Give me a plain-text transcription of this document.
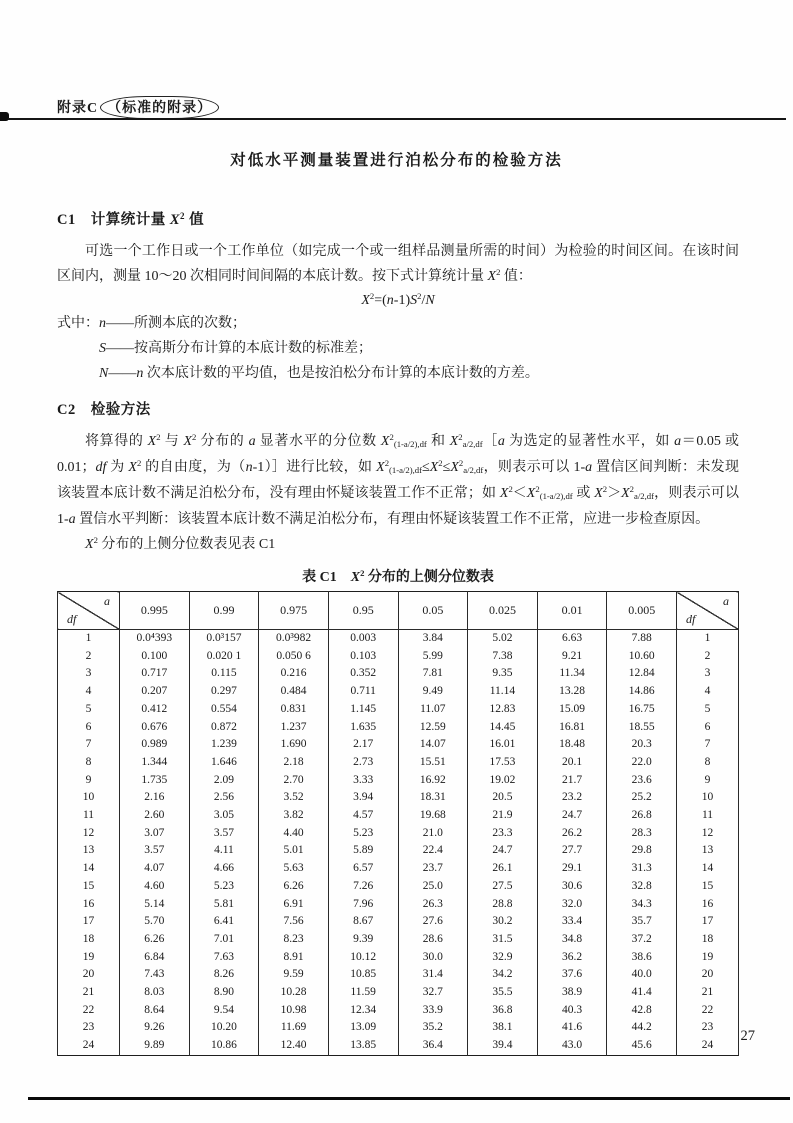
附录C （标准的附录）
对低水平测量装置进行泊松分布的检验方法
C1　计算统计量 $X^2$ 值

可选一个工作日或一个工作单位（如完成一个或一组样品测量所需的时间）为检验的时间区间。在该时间区间内，测量 10～20 次相同时间间隔的本底计数。按下式计算统计量 $X^2$ 值：

$X^2=(n-1)S^2/N$

式中：n——所测本底的次数；

S——按高斯分布计算的本底计数的标准差；

N——n 次本底计数的平均值，也是按泊松分布计算的本底计数的方差。

C2　检验方法

将算得的 $X^2$ 与 $X^2$ 分布的 a 显著水平的分位数 $X^2(1-a/2),df$ 和 $X^2a/2,df[a$ 为选定的显著性水平，如 a＝0.05 或 0.01；df 为 $X^2$ 的自由度，为（n-1）］进行比较，如 $X^2(1-a/2),df\le X^2\le X^2a/2,df$，则表示可以 1-a 置信区间判断：未发现该装置本底计数不满足泊松分布，没有理由怀疑该装置工作不正常；如 $X^2<X^2(1-a/2),df$ 或 $X^2>X^2a/2,df$，则表示可以 1-a 置信水平判断：该装置本底计数不满足泊松分布，有理由怀疑该装置工作不正常，应进一步检查原因。

$X^2$ 分布的上侧分位数表见表 C1

表 C1　$X^2$ 分布的上侧分位数表
a
df	0.995	0.99	0.975	0.95	0.05	0.025	0.01	0.005	a
df

1	0.0⁴393	0.0³157	0.0³982	0.003	3.84	5.02	6.63	7.88	1
2	0.100	0.020 1	0.050 6	0.103	5.99	7.38	9.21	10.60	2
3	0.717	0.115	0.216	0.352	7.81	9.35	11.34	12.84	3
4	0.207	0.297	0.484	0.711	9.49	11.14	13.28	14.86	4
5	0.412	0.554	0.831	1.145	11.07	12.83	15.09	16.75	5
6	0.676	0.872	1.237	1.635	12.59	14.45	16.81	18.55	6
7	0.989	1.239	1.690	2.17	14.07	16.01	18.48	20.3	7
8	1.344	1.646	2.18	2.73	15.51	17.53	20.1	22.0	8
9	1.735	2.09	2.70	3.33	16.92	19.02	21.7	23.6	9
10	2.16	2.56	3.52	3.94	18.31	20.5	23.2	25.2	10
11	2.60	3.05	3.82	4.57	19.68	21.9	24.7	26.8	11
12	3.07	3.57	4.40	5.23	21.0	23.3	26.2	28.3	12
13	3.57	4.11	5.01	5.89	22.4	24.7	27.7	29.8	13
14	4.07	4.66	5.63	6.57	23.7	26.1	29.1	31.3	14
15	4.60	5.23	6.26	7.26	25.0	27.5	30.6	32.8	15
16	5.14	5.81	6.91	7.96	26.3	28.8	32.0	34.3	16
17	5.70	6.41	7.56	8.67	27.6	30.2	33.4	35.7	17
18	6.26	7.01	8.23	9.39	28.6	31.5	34.8	37.2	18
19	6.84	7.63	8.91	10.12	30.0	32.9	36.2	38.6	19
20	7.43	8.26	9.59	10.85	31.4	34.2	37.6	40.0	20
21	8.03	8.90	10.28	11.59	32.7	35.5	38.9	41.4	21
22	8.64	9.54	10.98	12.34	33.9	36.8	40.3	42.8	22
23	9.26	10.20	11.69	13.09	35.2	38.1	41.6	44.2	23
24	9.89	10.86	12.40	13.85	36.4	39.4	43.0	45.6	24
27
